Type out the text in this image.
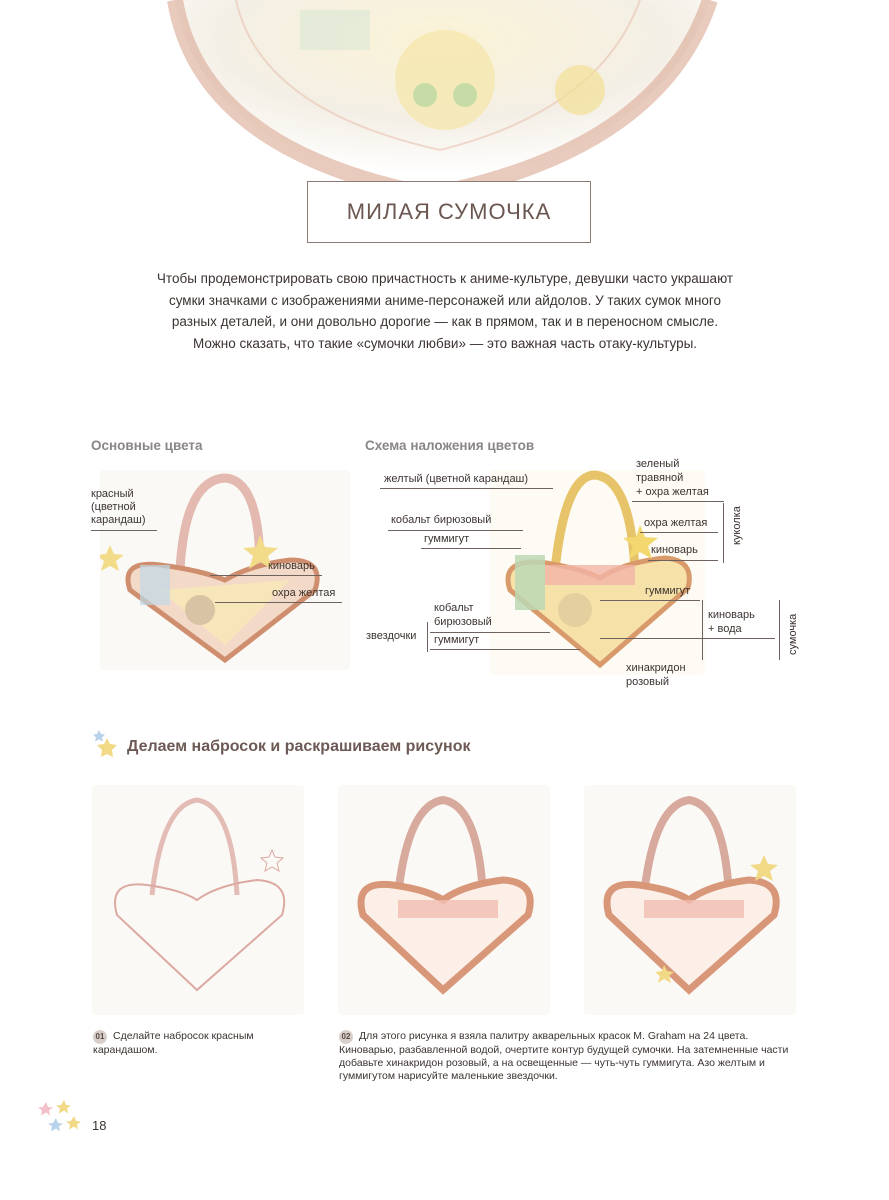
МИЛАЯ СУМОЧКА
Чтобы продемонстрировать свою причастность к аниме-культуре, девушки часто украшают сумки значками с изображениями аниме-персонажей или айдолов. У таких сумок много разных деталей, и они довольно дорогие — как в прямом, так и в переносном смысле. Можно сказать, что такие «сумочки любви» — это важная часть отаку-культуры.
Основные цвета
красный
(цветной
карандаш)
киноварь
охра желтая
Схема наложения цветов
желтый (цветной карандаш)
зеленый
травяной
+ охра желтая
кобальт бирюзовый
гуммигут
охра желтая
киноварь
куколка
гуммигут
киноварь
+ вода	сумочка
кобальт
бирюзовый
звездочки гуммигут
хинакридон
розовый
Делаем набросок и раскрашиваем рисунок
01 Сделайте набросок красным карандашом.
02 Для этого рисунка я взяла палитру акварельных красок M. Graham на 24 цвета. Киноварью, разбавленной водой, очертите контур будущей сумочки. На затемненные части добавьте хинакридон розовый, а на освещенные — чуть-чуть гуммигута. Азо желтым и гуммигутом нарисуйте маленькие звездочки.
18
